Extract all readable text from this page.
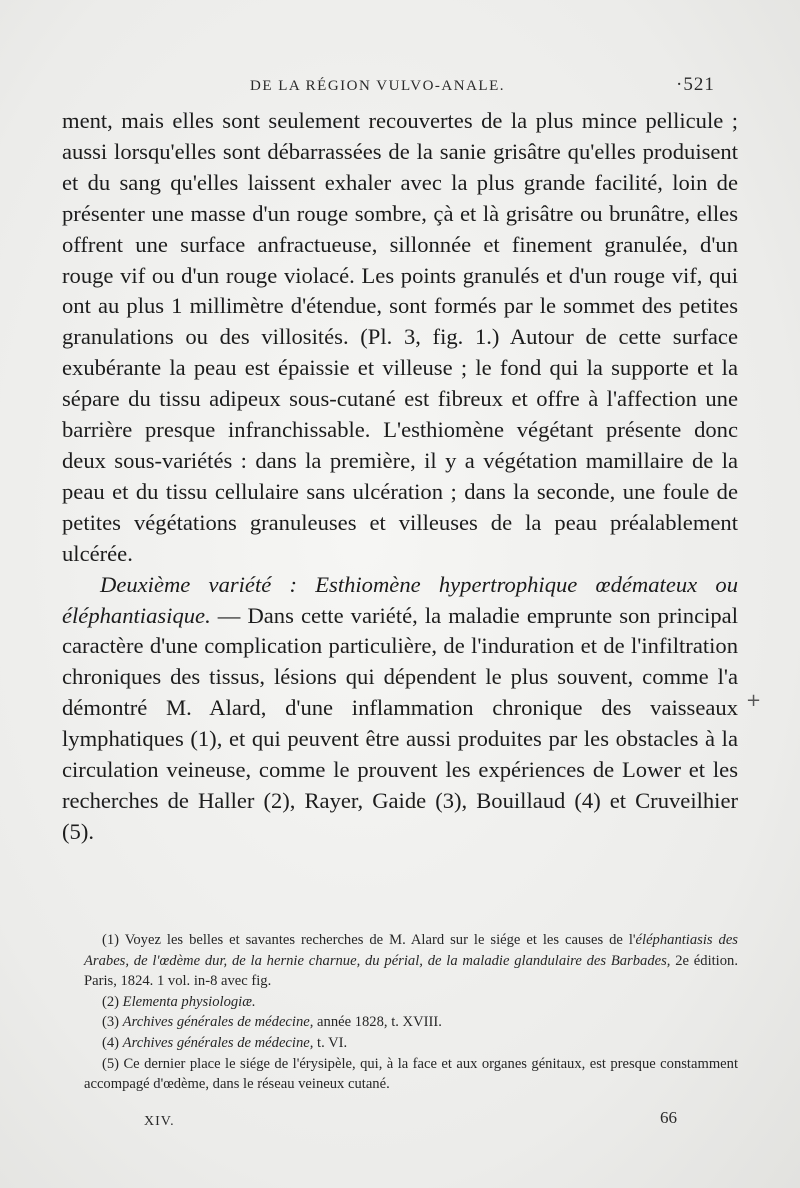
DE LA RÉGION VULVO-ANALE.	·521

ment, mais elles sont seulement recouvertes de la plus mince pellicule ; aussi lorsqu'elles sont débarrassées de la sanie grisâtre qu'elles produisent et du sang qu'elles laissent exhaler avec la plus grande facilité, loin de présenter une masse d'un rouge sombre, çà et là grisâtre ou brunâtre, elles offrent une surface anfractueuse, sillonnée et finement granulée, d'un rouge vif ou d'un rouge violacé. Les points granulés et d'un rouge vif, qui ont au plus 1 millimètre d'étendue, sont formés par le sommet des petites granulations ou des villosités. (Pl. 3, fig. 1.) Autour de cette surface exubérante la peau est épaissie et villeuse ; le fond qui la supporte et la sépare du tissu adipeux sous-cutané est fibreux et offre à l'affection une barrière presque infranchissable. L'esthiomène végétant présente donc deux sous-variétés : dans la première, il y a végétation mamillaire de la peau et du tissu cellulaire sans ulcération ; dans la seconde, une foule de petites végétations granuleuses et villeuses de la peau préalablement ulcérée.

Deuxième variété : Esthiomène hypertrophique œdémateux ou éléphantiasique. — Dans cette variété, la maladie emprunte son principal caractère d'une complication particulière, de l'induration et de l'infiltration chroniques des tissus, lésions qui dépendent le plus souvent, comme l'a démontré M. Alard, d'une inflammation chronique des vaisseaux lymphatiques (1), et qui peuvent être aussi produites par les obstacles à la circulation veineuse, comme le prouvent les expériences de Lower et les recherches de Haller (2), Rayer, Gaide (3), Bouillaud (4) et Cruveilhier (5).

+

(1) Voyez les belles et savantes recherches de M. Alard sur le siége et les causes de l'éléphantiasis des Arabes, de l'œdème dur, de la hernie charnue, du périal, de la maladie glandulaire des Barbades, 2e édition. Paris, 1824. 1 vol. in-8 avec fig.

(2) Elementa physiologiæ.

(3) Archives générales de médecine, année 1828, t. XVIII.

(4) Archives générales de médecine, t. VI.

(5) Ce dernier place le siége de l'érysipèle, qui, à la face et aux organes génitaux, est presque constamment accompagé d'œdème, dans le réseau veineux cutané.

XIV.	66
